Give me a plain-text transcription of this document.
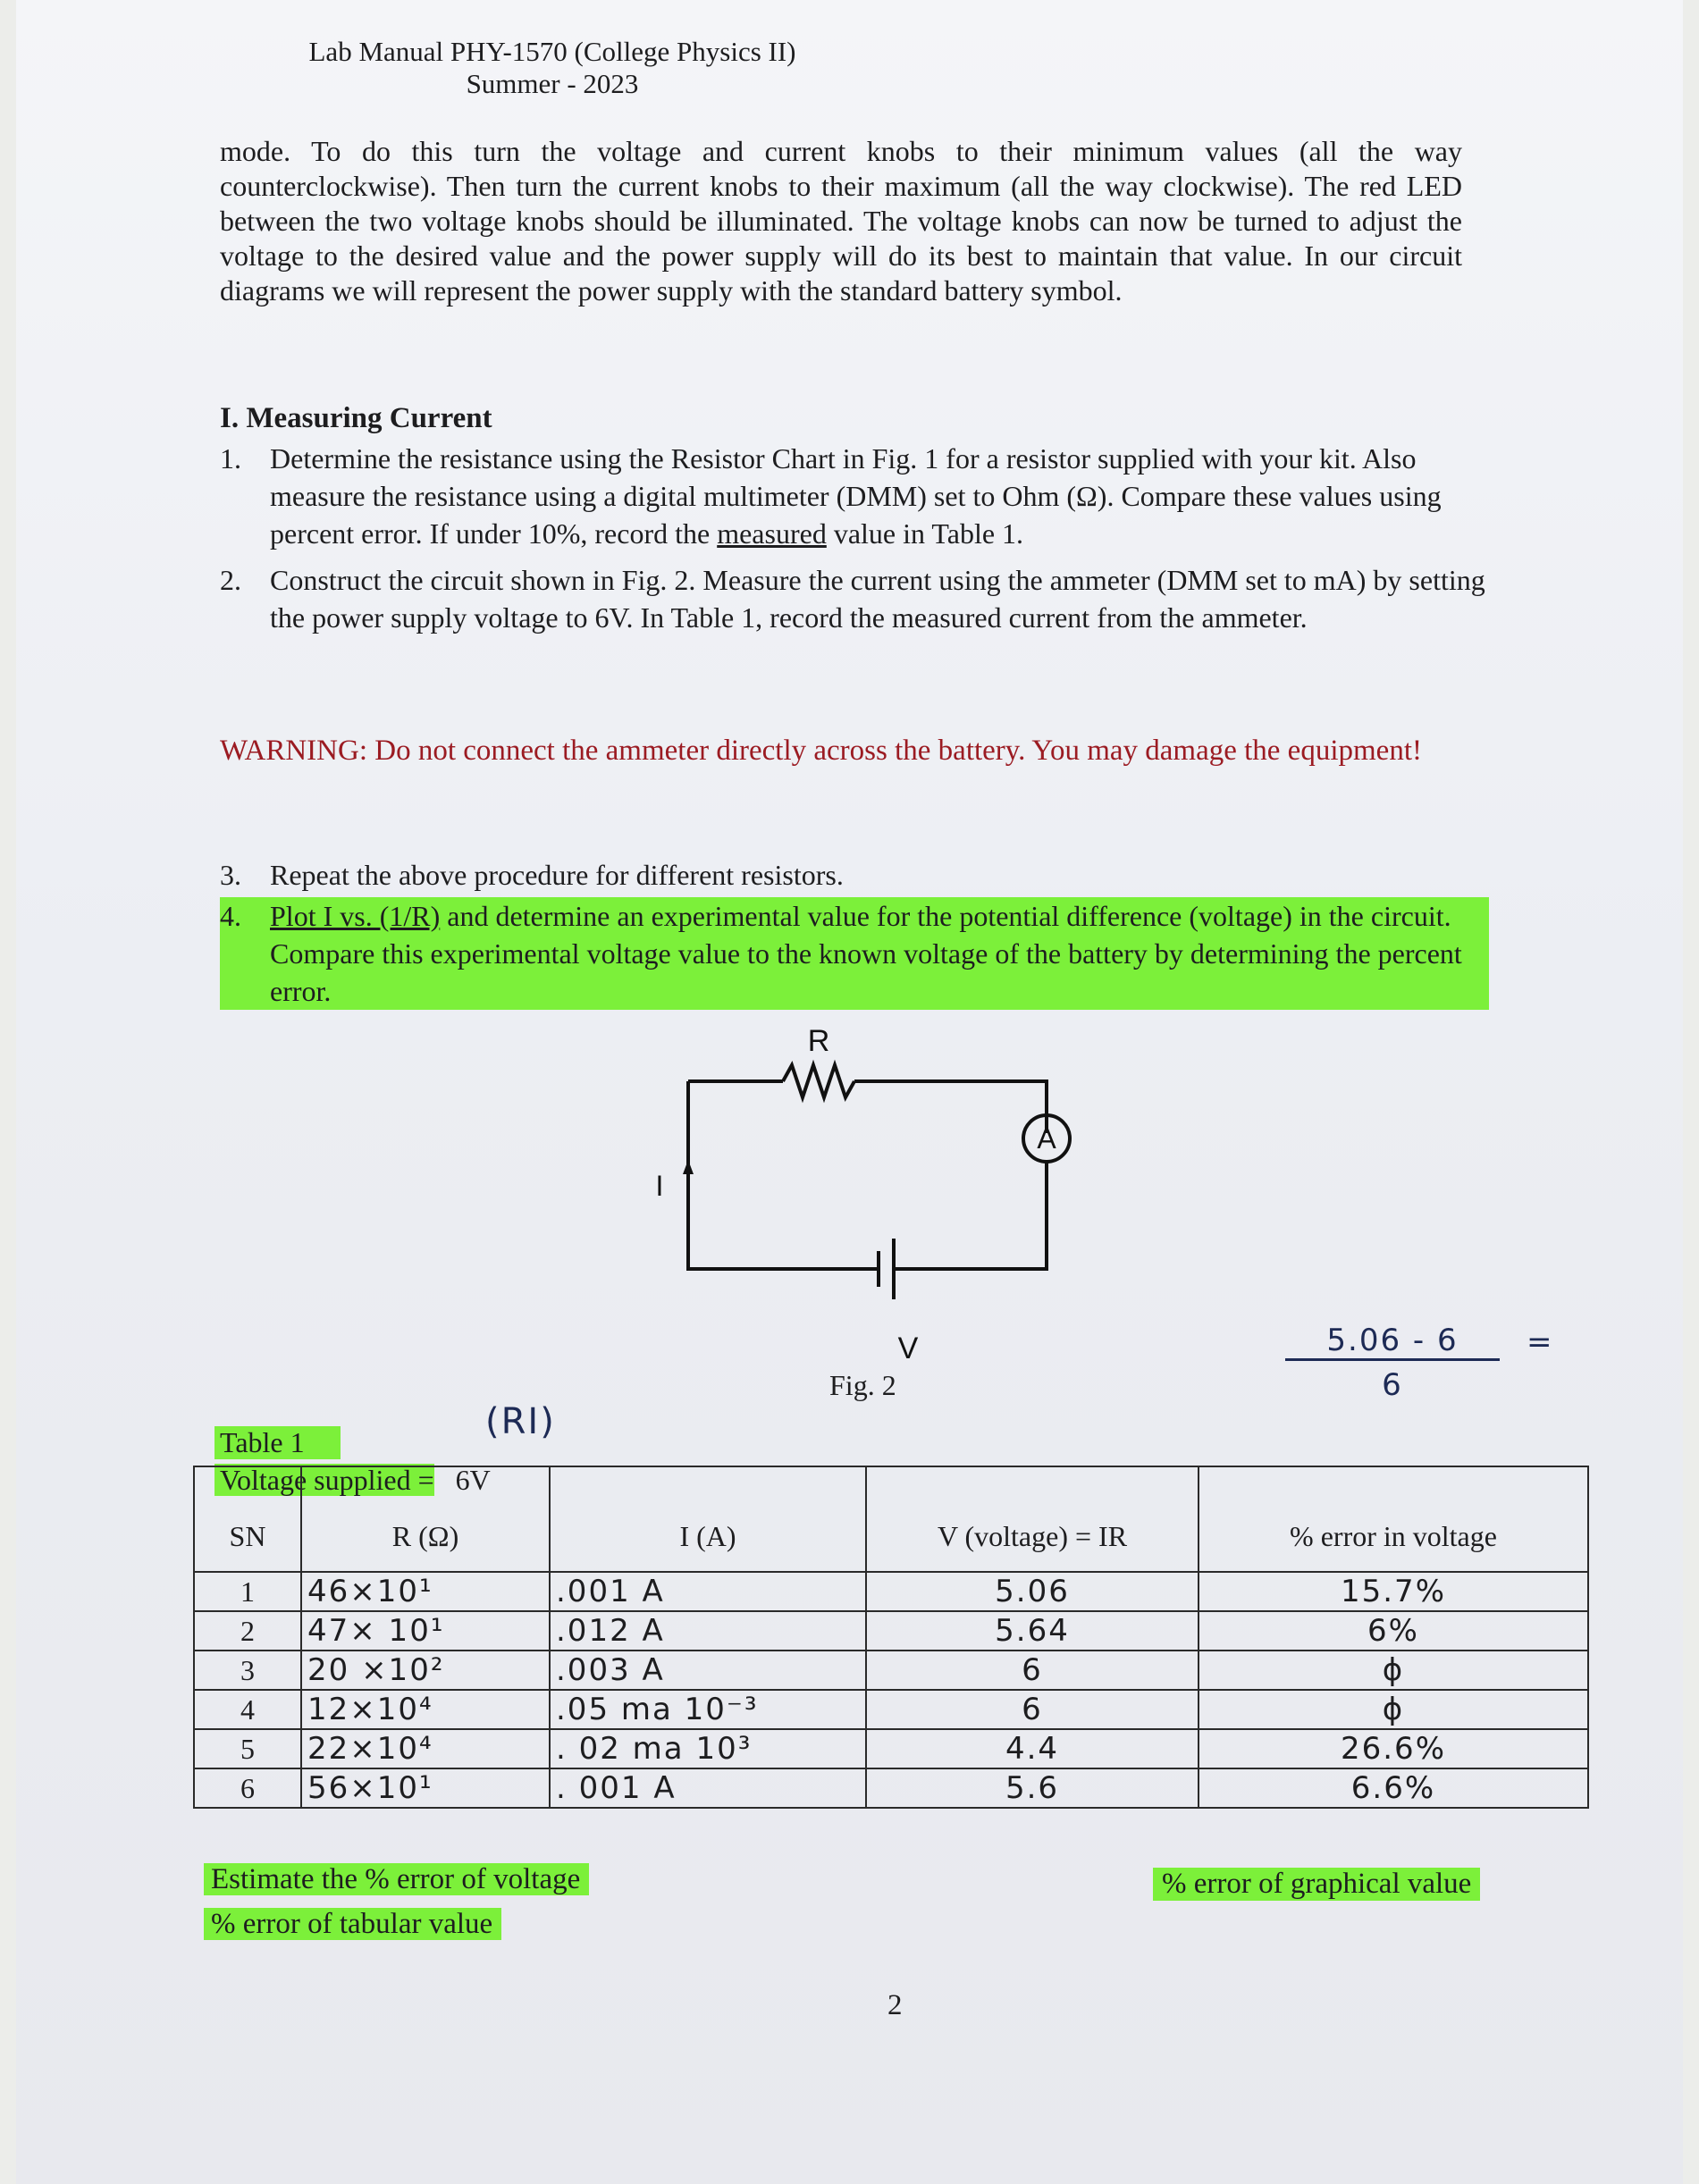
Lab Manual PHY-1570 (College Physics II)
Summer - 2023
mode. To do this turn the voltage and current knobs to their minimum values (all the way counterclockwise). Then turn the current knobs to their maximum (all the way clockwise). The red LED between the two voltage knobs should be illuminated. The voltage knobs can now be turned to adjust the voltage to the desired value and the power supply will do its best to maintain that value. In our circuit diagrams we will represent the power supply with the standard battery symbol.
I. Measuring Current
1.	Determine the resistance using the Resistor Chart in Fig. 1 for a resistor supplied with your kit. Also measure the resistance using a digital multimeter (DMM) set to Ohm (Ω). Compare these values using percent error. If under 10%, record the measured value in Table 1.
2.	Construct the circuit shown in Fig. 2. Measure the current using the ammeter (DMM set to mA) by setting the power supply voltage to 6V. In Table 1, record the measured current from the ammeter.
WARNING: Do not connect the ammeter directly across the battery. You may damage the equipment!
3.	Repeat the above procedure for different resistors.
4.	Plot I vs. (1/R) and determine an experimental value for the potential difference (voltage) in the circuit. Compare this experimental voltage value to the known voltage of the battery by determining the percent error.
R
A
I
V
Fig. 2
5.06 - 6	=
6
(RI)
Table 1
Voltage supplied = 6V
SN	R (Ω)	I (A)	V (voltage) = IR	% error in voltage
1	46×10¹	.001 A	5.06	15.7%
2	47× 10¹	.012 A	5.64	6%
3	20 ×10²	.003 A	6	ϕ
4	12×10⁴	.05 ma 10⁻³	6	ϕ
5	22×10⁴	. 02 ma 10³	4.4	26.6%
6	56×10¹	. 001 A	5.6	6.6%
Estimate the % error of voltage
% error of tabular value
% error of graphical value
2
